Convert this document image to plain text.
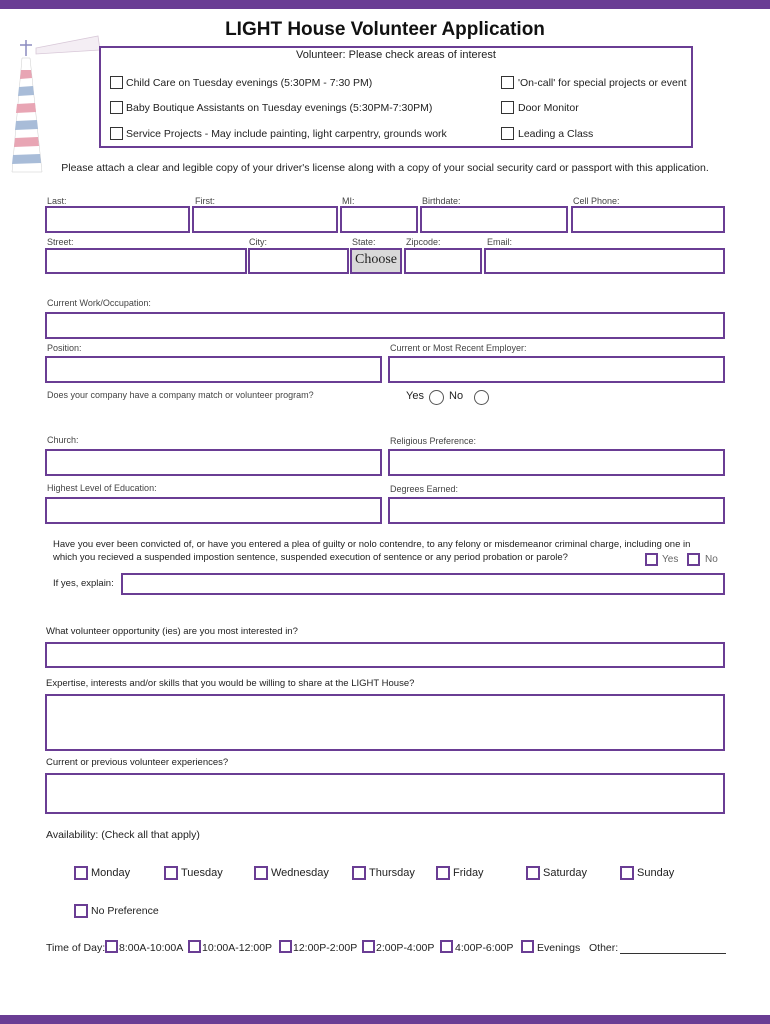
LIGHT House Volunteer Application
Volunteer: Please check areas of interest
Child Care on Tuesday evenings (5:30PM - 7:30 PM)
Baby Boutique Assistants on Tuesday evenings (5:30PM-7:30PM)
Service Projects - May include painting, light carpentry, grounds work
'On-call' for special projects or event
Door Monitor
Leading a Class
Please attach a clear and legible copy of your driver's license along with a copy of your social security card or passport with this application.
Last:	First:	MI:	Birthdate:	Cell Phone:
Street:	City:	State:	Zipcode:	Email:
Choose
Current Work/Occupation:
Position:	Current or Most Recent Employer:
Does your company have a company match or volunteer program?	Yes No
Church:	Religious Preference:
Highest Level of Education:	Degrees Earned:
Have you ever been convicted of, or have you entered a plea of guilty or nolo contendre, to any felony or misdemeanor criminal charge, including one in
which you recieved a suspended impostion sentence, suspended execution of sentence or any period probation or parole?	Yes	No
If yes, explain:
What volunteer opportunity (ies) are you most interested in?
Expertise, interests and/or skills that you would be willing to share at the LIGHT House?
Current or previous volunteer experiences?
Availability: (Check all that apply)
Monday	Tuesday	Wednesday	Thursday	Friday	Saturday	Sunday
No Preference
Time of Day: 8:00A-10:00A 10:00A-12:00P 12:00P-2:00P 2:00P-4:00P 4:00P-6:00P Evenings Other:
